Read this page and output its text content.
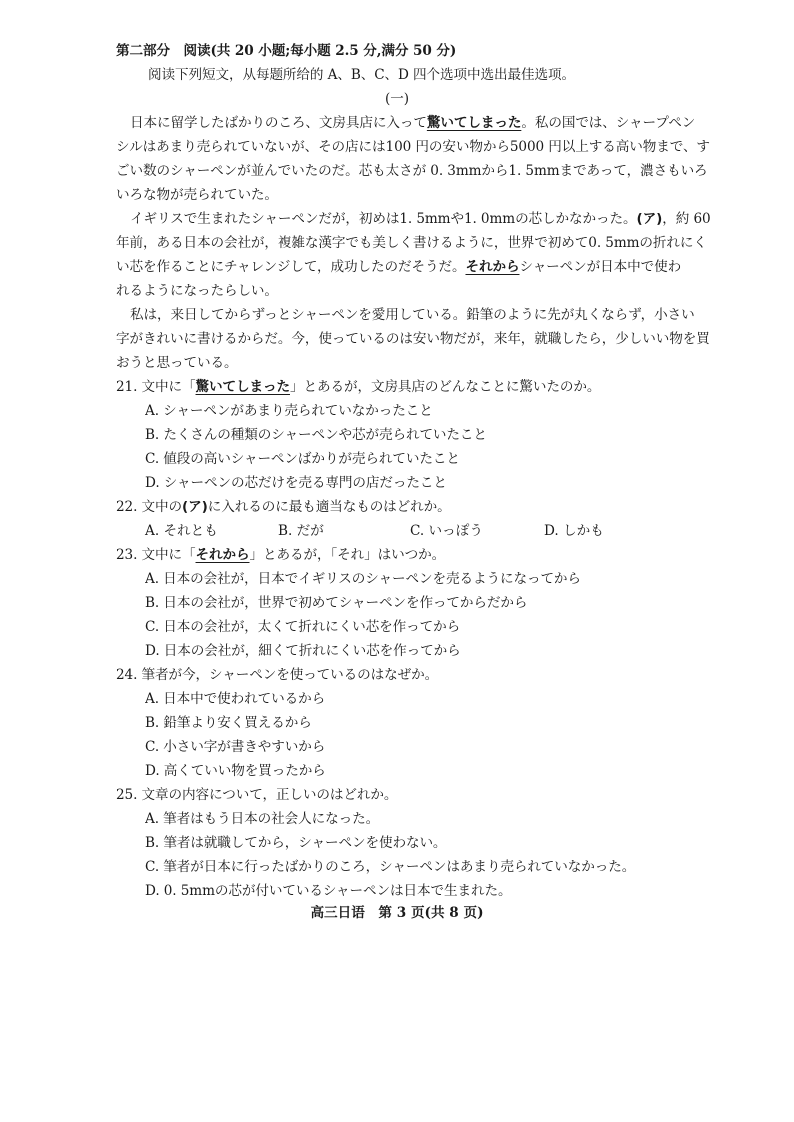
第二部分　阅读(共 20 小题;每小题 2.5 分,满分 50 分)
阅读下列短文，从每题所给的 A、B、C、D 四个选项中选出最佳选项。
(一)
日本に留学したばかりのころ、文房具店に入って驚いてしまった。私の国では、シャープペン
シルはあまり売られていないが、その店には100 円の安い物から5000 円以上する高い物まで、す
ごい数のシャーペンが並んでいたのだ。芯も太さが 0. 3mmから1. 5mmまであって，濃さもいろ
いろな物が売られていた。
イギリスで生まれたシャーペンだが，初めは1. 5mmや1. 0mmの芯しかなかった。(ア)，約 60
年前，ある日本の会社が，複雑な漢字でも美しく書けるように，世界で初めて0. 5mmの折れにく
い芯を作ることにチャレンジして，成功したのだそうだ。それからシャーペンが日本中で使わ
れるようになったらしい。
私は，来日してからずっとシャーペンを愛用している。鉛筆のように先が丸くならず，小さい
字がきれいに書けるからだ。今，使っているのは安い物だが，来年，就職したら，少しいい物を買
おうと思っている。
21. 文中に「驚いてしまった」とあるが，文房具店のどんなことに驚いたのか。
A. シャーペンがあまり売られていなかったこと
B. たくさんの種類のシャーペンや芯が売られていたこと
C. 値段の高いシャーペンばかりが売られていたこと
D. シャーペンの芯だけを売る専門の店だったこと
22. 文中の(ア)に入れるのに最も適当なものはどれか。
A. それとも	B. だが	C. いっぽう	D. しかも
23. 文中に「それから」とあるが，「それ」はいつか。
A. 日本の会社が，日本でイギリスのシャーペンを売るようになってから
B. 日本の会社が，世界で初めてシャーペンを作ってからだから
C. 日本の会社が，太くて折れにくい芯を作ってから
D. 日本の会社が，細くて折れにくい芯を作ってから
24. 筆者が今，シャーペンを使っているのはなぜか。
A. 日本中で使われているから
B. 鉛筆より安く買えるから
C. 小さい字が書きやすいから
D. 高くていい物を買ったから
25. 文章の内容について，正しいのはどれか。
A. 筆者はもう日本の社会人になった。
B. 筆者は就職してから，シャーペンを使わない。
C. 筆者が日本に行ったばかりのころ，シャーペンはあまり売られていなかった。
D. 0. 5mmの芯が付いているシャーペンは日本で生まれた。
高三日语　第 3 页(共 8 页)
